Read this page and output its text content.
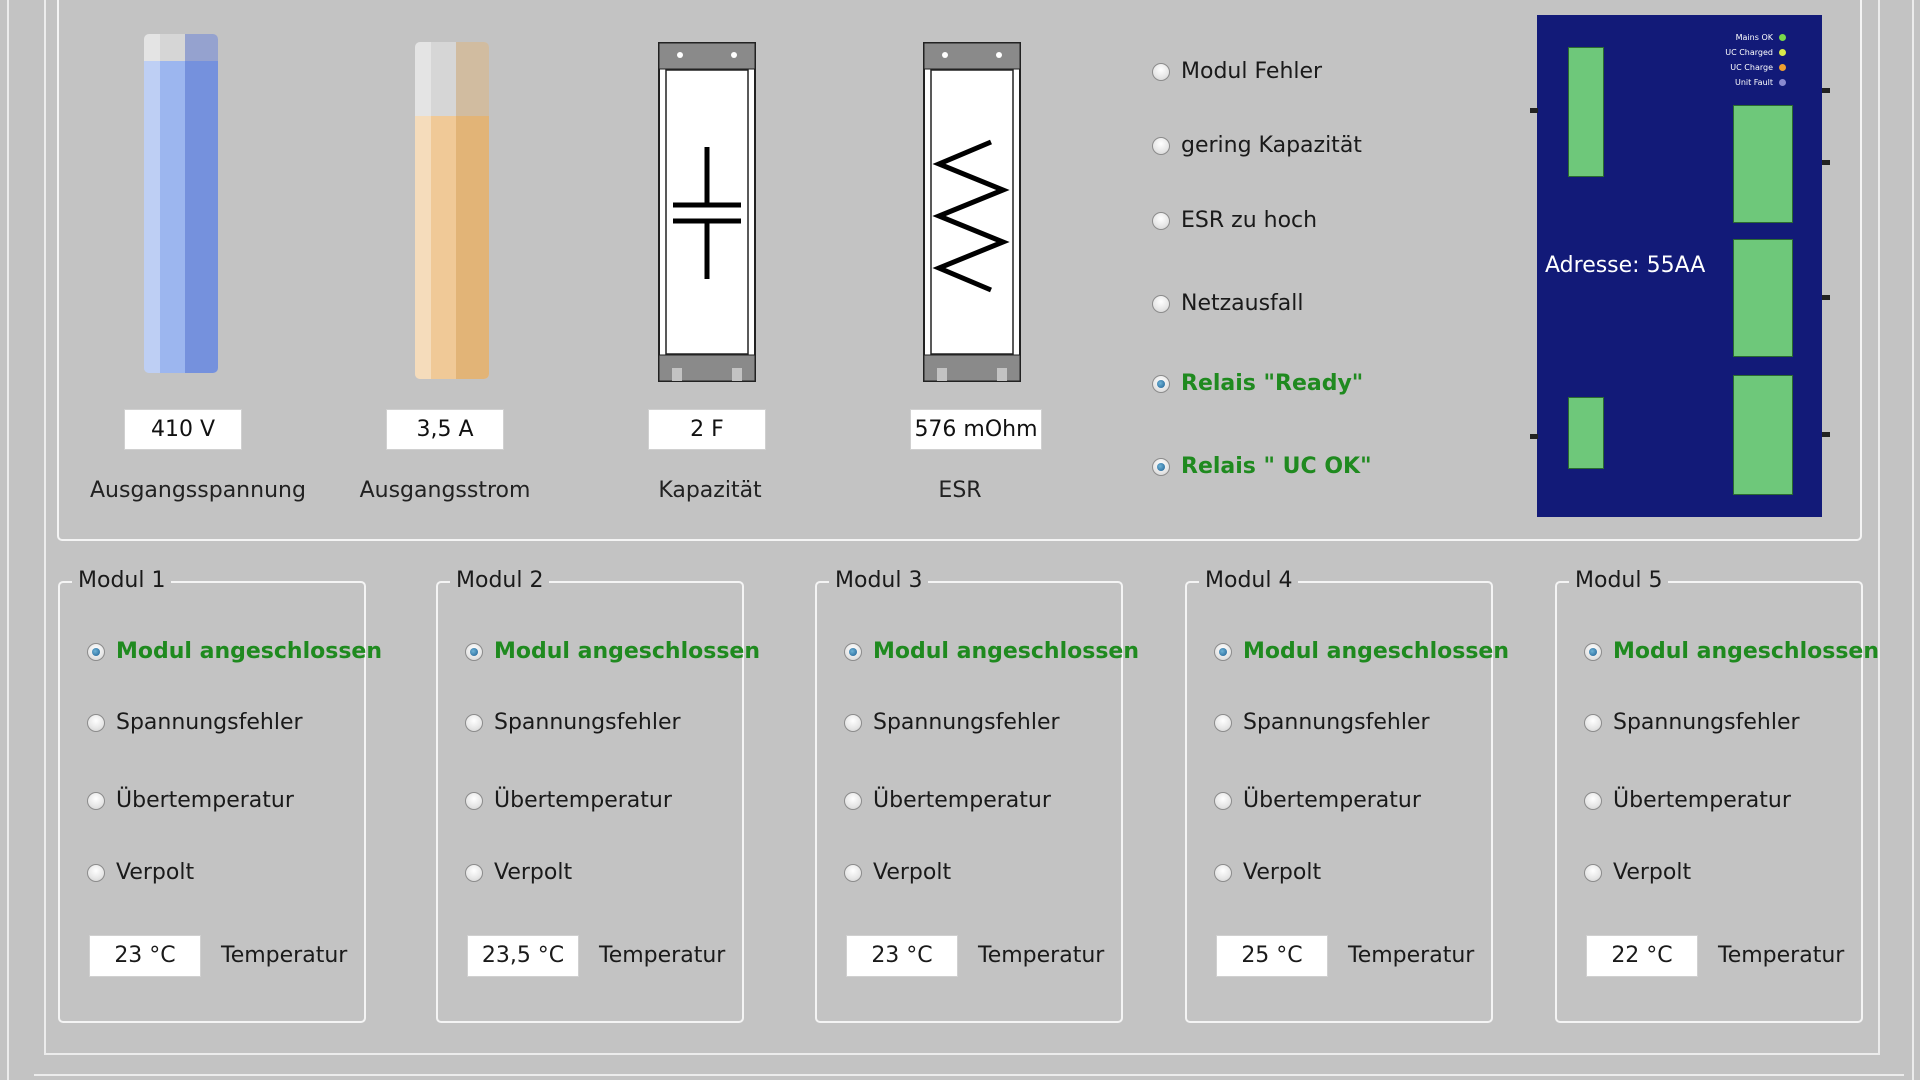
410 V
Ausgangsspannung
3,5 A
Ausgangsstrom
2 F
Kapazität
576 mOhm
ESR
Modul Fehler
gering Kapazität
ESR zu hoch
Netzausfall
Relais "Ready"
Relais " UC OK"
Mains OK
UC Charged
UC Charge
Unit Fault
Adresse: 55AA
Modul 1
Modul angeschlossen
Spannungsfehler
Übertemperatur
Verpolt
23 °C	Temperatur
Modul 2
Modul angeschlossen
Spannungsfehler
Übertemperatur
Verpolt
23,5 °C	Temperatur
Modul 3
Modul angeschlossen
Spannungsfehler
Übertemperatur
Verpolt
23 °C	Temperatur
Modul 4
Modul angeschlossen
Spannungsfehler
Übertemperatur
Verpolt
25 °C	Temperatur
Modul 5
Modul angeschlossen
Spannungsfehler
Übertemperatur
Verpolt
22 °C	Temperatur
